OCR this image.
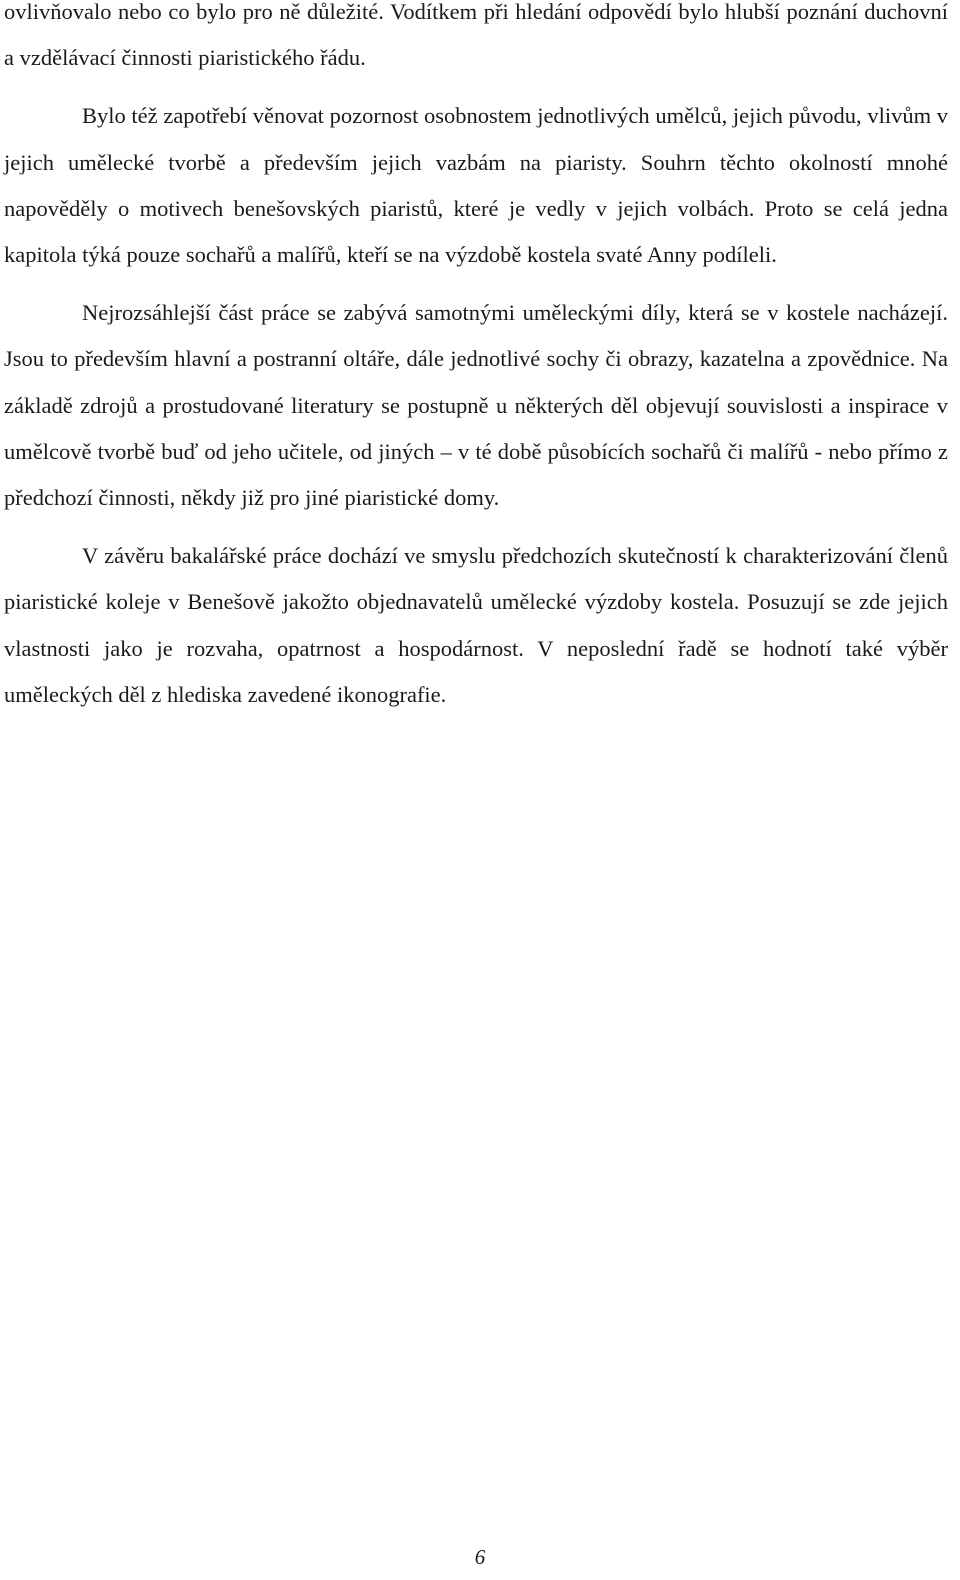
ovlivňovalo nebo co bylo pro ně důležité. Vodítkem při hledání odpovědí bylo hlubší poznání duchovní a vzdělávací činnosti piaristického řádu.

Bylo též zapotřebí věnovat pozornost osobnostem jednotlivých umělců, jejich původu, vlivům v jejich umělecké tvorbě a především jejich vazbám na piaristy. Souhrn těchto okolností mnohé napověděly o motivech benešovských piaristů, které je vedly v jejich volbách. Proto se celá jedna kapitola týká pouze sochařů a malířů, kteří se na výzdobě kostela svaté Anny podíleli.

Nejrozsáhlejší část práce se zabývá samotnými uměleckými díly, která se v kostele nacházejí. Jsou to především hlavní a postranní oltáře, dále jednotlivé sochy či obrazy, kazatelna a zpovědnice. Na základě zdrojů a prostudované literatury se postupně u některých děl objevují souvislosti a inspirace v umělcově tvorbě buď od jeho učitele, od jiných – v té době působících sochařů či malířů - nebo přímo z předchozí činnosti, někdy již pro jiné piaristické domy.

V závěru bakalářské práce dochází ve smyslu předchozích skutečností k charakterizování členů piaristické koleje v Benešově jakožto objednavatelů umělecké výzdoby kostela. Posuzují se zde jejich vlastnosti jako je rozvaha, opatrnost a hospodárnost. V neposlední řadě se hodnotí také výběr uměleckých děl z hlediska zavedené ikonografie.

6
